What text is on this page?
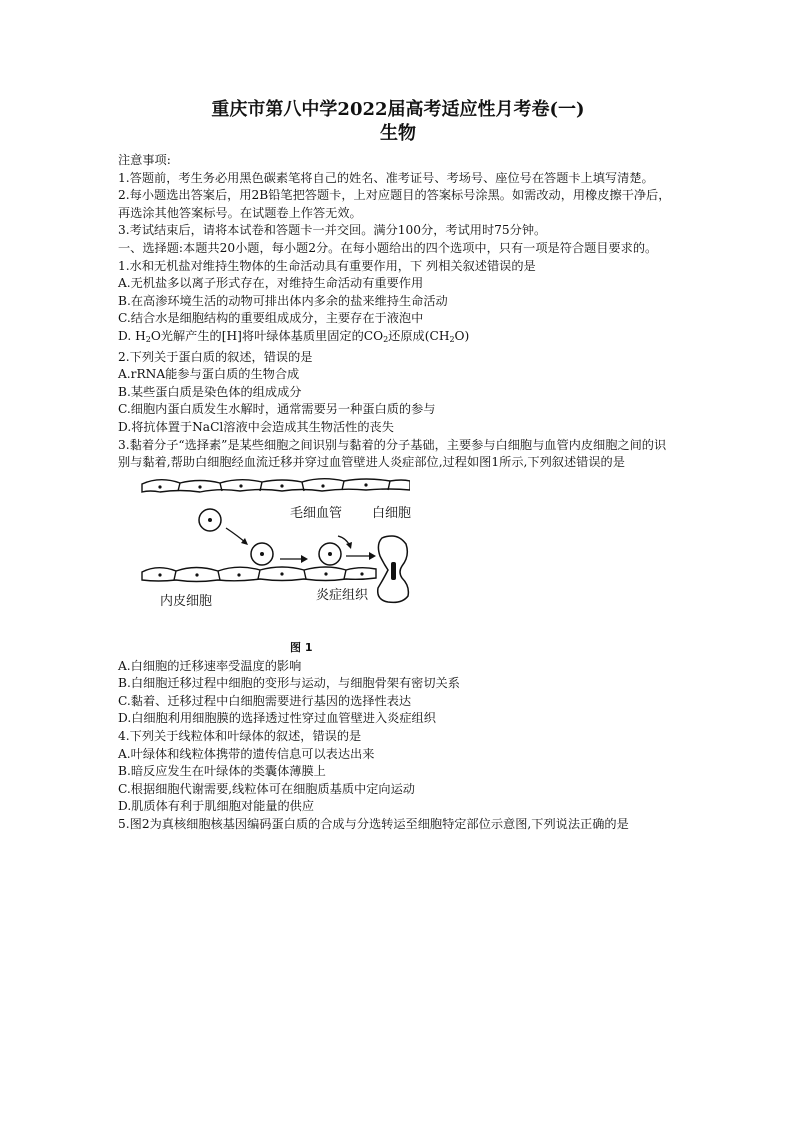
重庆市第八中学2022届高考适应性月考卷(一)
生物

注意事项:

1.答题前，考生务必用黑色碳素笔将自己的姓名、准考证号、考场号、座位号在答题卡上填写清楚。

2.每小题选出答案后，用2B铅笔把答题卡，上对应题目的答案标号涂黑。如需改动，用橡皮擦干净后，再选涂其他答案标号。在试题卷上作答无效。

3.考试结束后，请将本试卷和答题卡一并交回。满分100分，考试用时75分钟。

一、选择题:本题共20小题，每小题2分。在每小题给出的四个选项中，只有一项是符合题目要求的。

1.水和无机盐对维持生物体的生命活动具有重要作用，下 列相关叙述错误的是

A.无机盐多以离子形式存在，对维持生命活动有重要作用

B.在高渗环境生活的动物可排出体内多余的盐来维持生命活动

C.结合水是细胞结构的重要组成成分，主要存在于液泡中

D. $H_2O$光解产生的[H]将叶绿体基质里固定的$CO_2$还原成$(CH_2O)$

2.下列关于蛋白质的叙述，错误的是

A.rRNA能参与蛋白质的生物合成

B.某些蛋白质是染色体的组成成分

C.细胞内蛋白质发生水解时，通常需要另一种蛋白质的参与

D.将抗体置于NaCl溶液中会造成其生物活性的丧失

3.黏着分子“选择素”是某些细胞之间识别与黏着的分子基础，主要参与白细胞与血管内皮细胞之间的识别与黏着,帮助白细胞经血流迁移并穿过血管壁进人炎症部位,过程如图1所示,下列叙述错误的是

毛细血管 白细胞
内皮细胞	炎症组织

图 1

A.白细胞的迁移速率受温度的影响

B.白细胞迁移过程中细胞的变形与运动，与细胞骨架有密切关系

C.黏着、迁移过程中白细胞需要进行基因的选择性表达

D.白细胞利用细胞膜的选择透过性穿过血管壁进入炎症组织

4.下列关于线粒体和叶绿体的叙述，错误的是

A.叶绿体和线粒体携带的遗传信息可以表达出来

B.暗反应发生在叶绿体的类囊体薄膜上

C.根据细胞代谢需要,线粒体可在细胞质基质中定向运动

D.肌质体有利于肌细胞对能量的供应

5.图2为真核细胞核基因编码蛋白质的合成与分选转运至细胞特定部位示意图,下列说法正确的是
